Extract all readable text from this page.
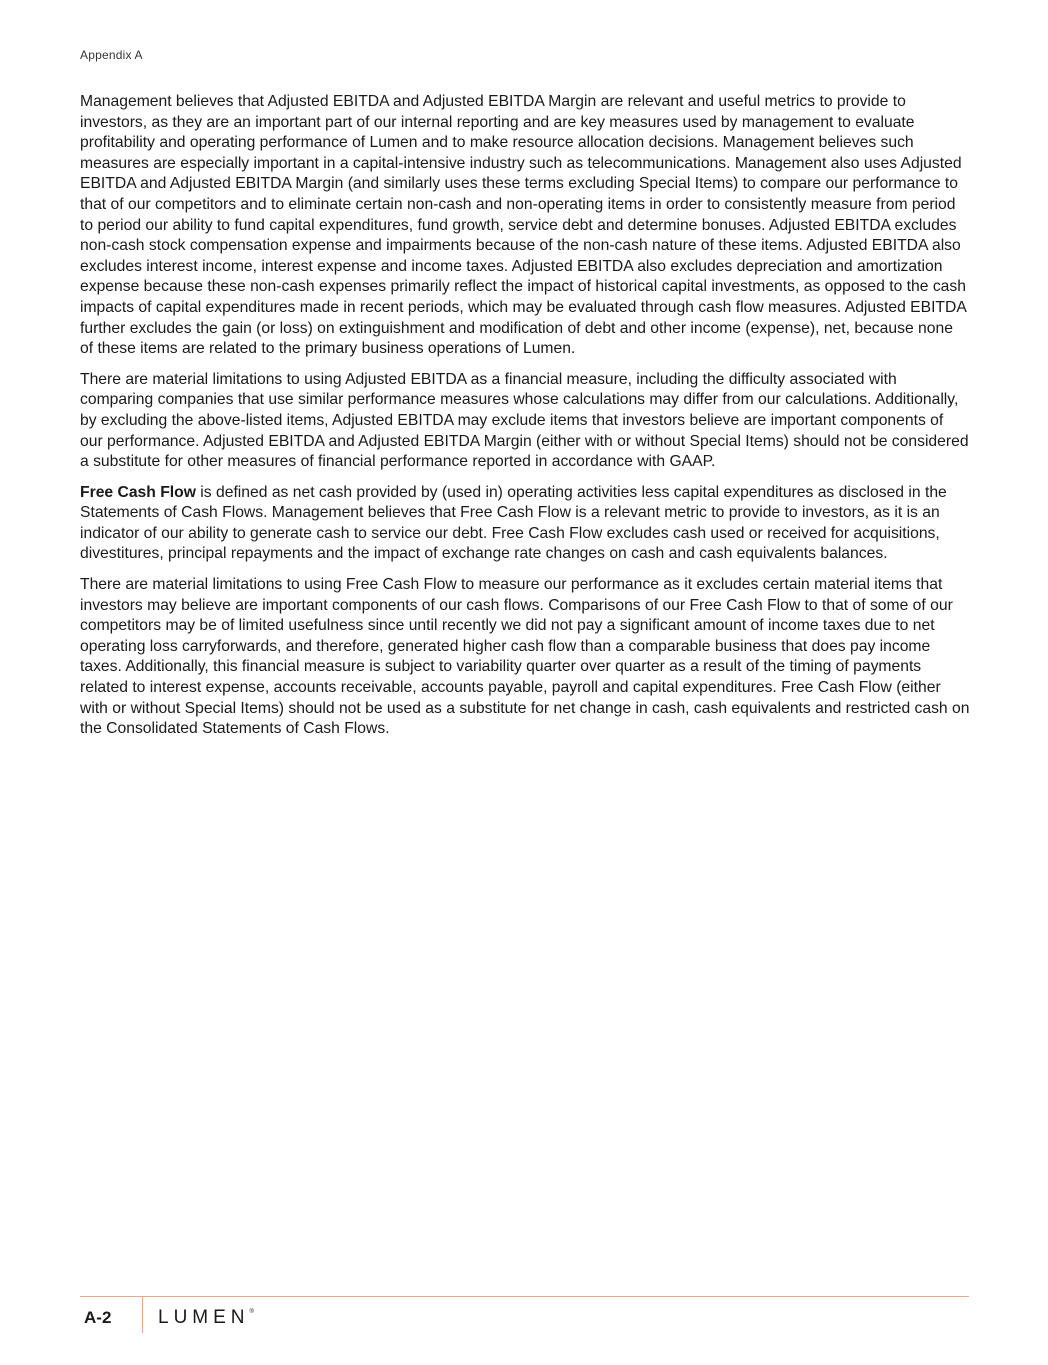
Appendix A

Management believes that Adjusted EBITDA and Adjusted EBITDA Margin are relevant and useful metrics to provide to investors, as they are an important part of our internal reporting and are key measures used by management to evaluate profitability and operating performance of Lumen and to make resource allocation decisions. Management believes such measures are especially important in a capital-intensive industry such as telecommunications. Management also uses Adjusted EBITDA and Adjusted EBITDA Margin (and similarly uses these terms excluding Special Items) to compare our performance to that of our competitors and to eliminate certain non-cash and non-operating items in order to consistently measure from period to period our ability to fund capital expenditures, fund growth, service debt and determine bonuses. Adjusted EBITDA excludes non-cash stock compensation expense and impairments because of the non-cash nature of these items. Adjusted EBITDA also excludes interest income, interest expense and income taxes. Adjusted EBITDA also excludes depreciation and amortization expense because these non-cash expenses primarily reflect the impact of historical capital investments, as opposed to the cash impacts of capital expenditures made in recent periods, which may be evaluated through cash flow measures. Adjusted EBITDA further excludes the gain (or loss) on extinguishment and modification of debt and other income (expense), net, because none of these items are related to the primary business operations of Lumen.

There are material limitations to using Adjusted EBITDA as a financial measure, including the difficulty associated with comparing companies that use similar performance measures whose calculations may differ from our calculations. Additionally, by excluding the above-listed items, Adjusted EBITDA may exclude items that investors believe are important components of our performance. Adjusted EBITDA and Adjusted EBITDA Margin (either with or without Special Items) should not be considered a substitute for other measures of financial performance reported in accordance with GAAP.

Free Cash Flow is defined as net cash provided by (used in) operating activities less capital expenditures as disclosed in the Statements of Cash Flows. Management believes that Free Cash Flow is a relevant metric to provide to investors, as it is an indicator of our ability to generate cash to service our debt. Free Cash Flow excludes cash used or received for acquisitions, divestitures, principal repayments and the impact of exchange rate changes on cash and cash equivalents balances.

There are material limitations to using Free Cash Flow to measure our performance as it excludes certain material items that investors may believe are important components of our cash flows. Comparisons of our Free Cash Flow to that of some of our competitors may be of limited usefulness since until recently we did not pay a significant amount of income taxes due to net operating loss carryforwards, and therefore, generated higher cash flow than a comparable business that does pay income taxes. Additionally, this financial measure is subject to variability quarter over quarter as a result of the timing of payments related to interest expense, accounts receivable, accounts payable, payroll and capital expenditures. Free Cash Flow (either with or without Special Items) should not be used as a substitute for net change in cash, cash equivalents and restricted cash on the Consolidated Statements of Cash Flows.

A-2 LUMEN®
